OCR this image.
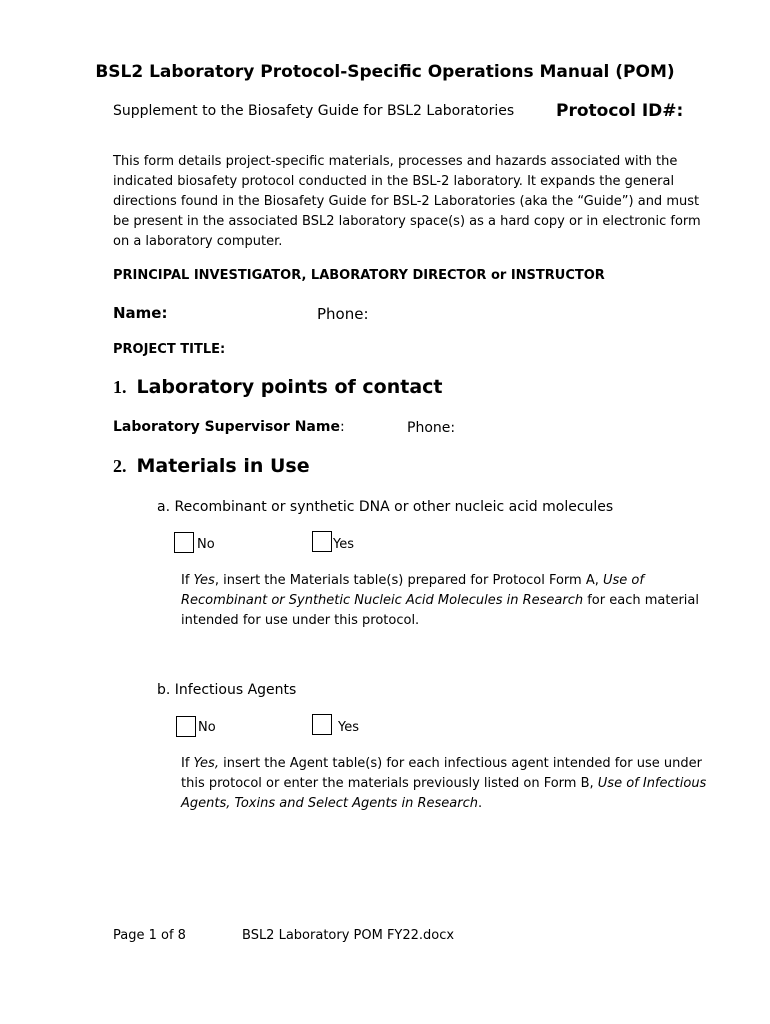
BSL2 Laboratory Protocol-Specific Operations Manual (POM)
Supplement to the Biosafety Guide for BSL2 Laboratories Protocol ID#:
This form details project-specific materials, processes and hazards associated with the
indicated biosafety protocol conducted in the BSL-2 laboratory. It expands the general
directions found in the Biosafety Guide for BSL-2 Laboratories (aka the “Guide”) and must
be present in the associated BSL2 laboratory space(s) as a hard copy or in electronic form
on a laboratory computer.
PRINCIPAL INVESTIGATOR, LABORATORY DIRECTOR or INSTRUCTOR
Name:	Phone:
PROJECT TITLE:
1. Laboratory points of contact
Laboratory Supervisor Name:	Phone:
2. Materials in Use
a. Recombinant or synthetic DNA or other nucleic acid molecules
No	Yes
If Yes, insert the Materials table(s) prepared for Protocol Form A, Use of
Recombinant or Synthetic Nucleic Acid Molecules in Research for each material
intended for use under this protocol.
b. Infectious Agents
No	Yes
If Yes, insert the Agent table(s) for each infectious agent intended for use under
this protocol or enter the materials previously listed on Form B, Use of Infectious
Agents, Toxins and Select Agents in Research.
Page 1 of 8	BSL2 Laboratory POM FY22.docx
